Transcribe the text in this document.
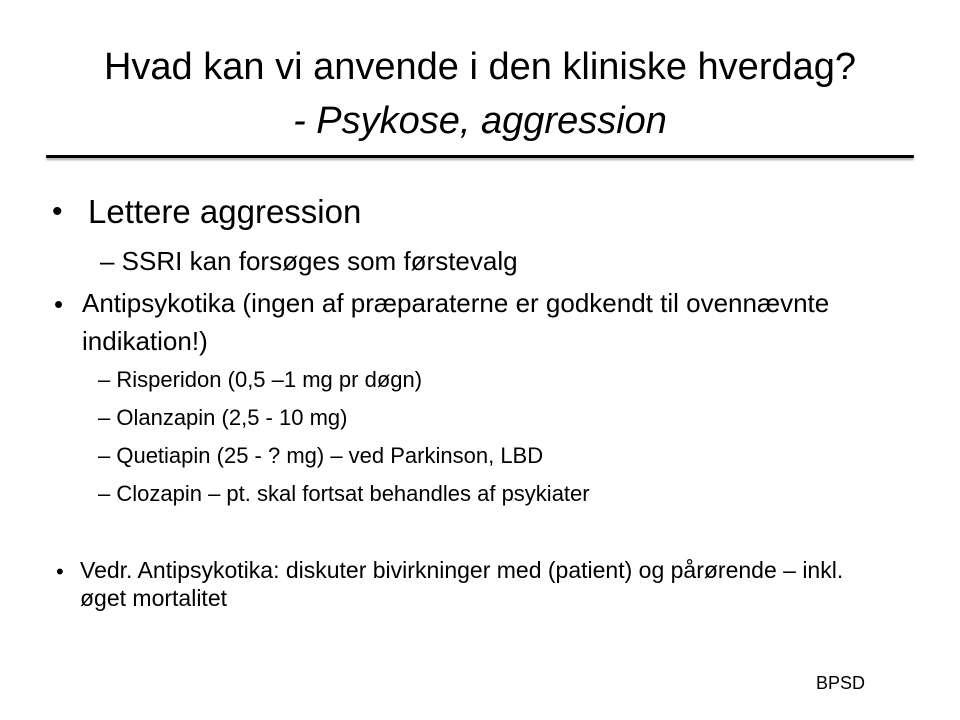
Hvad kan vi anvende i den kliniske hverdag?
- Psykose, aggression
• Lettere aggression
– SSRI kan forsøges som førstevalg
• Antipsykotika (ingen af præparaterne er godkendt til ovennævnte indikation!)
– Risperidon (0,5 –1 mg pr døgn)
– Olanzapin (2,5 - 10 mg)
– Quetiapin (25 - ? mg) – ved Parkinson, LBD
– Clozapin – pt. skal fortsat behandles af psykiater
• Vedr. Antipsykotika: diskuter bivirkninger med (patient) og pårørende – inkl. øget mortalitet
BPSD
